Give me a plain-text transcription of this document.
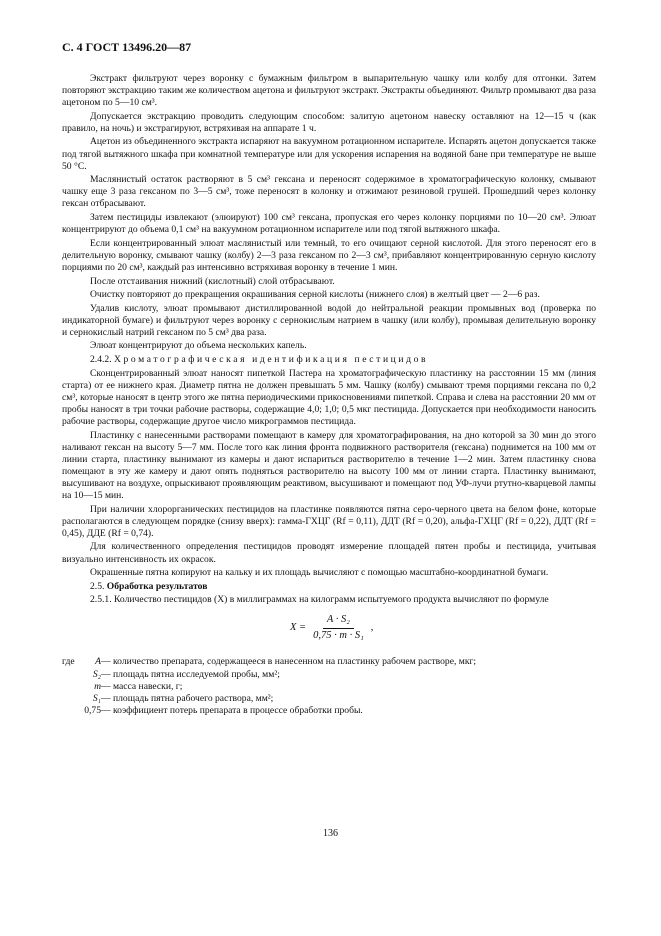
С. 4 ГОСТ 13496.20—87

Экстракт фильтруют через воронку с бумажным фильтром в выпарительную чашку или колбу для отгонки. Затем повторяют экстракцию таким же количеством ацетона и фильтруют экстракт. Экстракты объединяют. Фильтр промывают два раза ацетоном по 5—10 см³.

Допускается экстракцию проводить следующим способом: залитую ацетоном навеску оставляют на 12—15 ч (как правило, на ночь) и экстрагируют, встряхивая на аппарате 1 ч.

Ацетон из объединенного экстракта испаряют на вакуумном ротационном испарителе. Испарять ацетон допускается также под тягой вытяжного шкафа при комнатной температуре или для ускорения испарения на водяной бане при температуре не выше 50 °С.

Маслянистый остаток растворяют в 5 см³ гексана и переносят содержимое в хроматографическую колонку, смывают чашку еще 3 раза гексаном по 3—5 см³, тоже переносят в колонку и отжимают резиновой грушей. Прошедший через колонку гексан отбрасывают.

Затем пестициды извлекают (элюируют) 100 см³ гексана, пропуская его через колонку порциями по 10—20 см³. Элюат концентрируют до объема 0,1 см³ на вакуумном ротационном испарителе или под тягой вытяжного шкафа.

Если концентрированный элюат маслянистый или темный, то его очищают серной кислотой. Для этого переносят его в делительную воронку, смывают чашку (колбу) 2—3 раза гексаном по 2—3 см³, прибавляют концентрированную серную кислоту порциями по 20 см³, каждый раз интенсивно встряхивая воронку в течение 1 мин.

После отстаивания нижний (кислотный) слой отбрасывают.

Очистку повторяют до прекращения окрашивания серной кислоты (нижнего слоя) в желтый цвет — 2—6 раз.

Удалив кислоту, элюат промывают дистиллированной водой до нейтральной реакции промывных вод (проверка по индикаторной бумаге) и фильтруют через воронку с сернокислым натрием в чашку (или колбу), промывая делительную воронку и сернокислый натрий гексаном по 5 см³ два раза.

Элюат концентрируют до объема нескольких капель.

2.4.2. Хроматографическая идентификация пестицидов

Сконцентрированный элюат наносят пипеткой Пастера на хроматографическую пластинку на расстоянии 15 мм (линия старта) от ее нижнего края. Диаметр пятна не должен превышать 5 мм. Чашку (колбу) смывают тремя порциями гексана по 0,2 см³, которые наносят в центр этого же пятна периодическими прикосновениями пипеткой. Справа и слева на расстоянии 20 мм от пробы наносят в три точки рабочие растворы, содержащие 4,0; 1,0; 0,5 мкг пестицида. Допускается при необходимости наносить рабочие растворы, содержащие другое число микрограммов пестицида.

Пластинку с нанесенными растворами помещают в камеру для хроматографирования, на дно которой за 30 мин до этого наливают гексан на высоту 5—7 мм. После того как линия фронта подвижного растворителя (гексана) поднимется на 100 мм от линии старта, пластинку вынимают из камеры и дают испариться растворителю в течение 1—2 мин. Затем пластинку снова помещают в эту же камеру и дают опять подняться растворителю на высоту 100 мм от линии старта. Пластинку вынимают, высушивают на воздухе, опрыскивают проявляющим реактивом, высушивают и помещают под УФ-лучи ртутно-кварцевой лампы на 10—15 мин.

При наличии хлорорганических пестицидов на пластинке появляются пятна серо-черного цвета на белом фоне, которые располагаются в следующем порядке (снизу вверх): гамма-ГХЦГ (Rf = 0,11), ДДТ (Rf = 0,20), альфа-ГХЦГ (Rf = 0,22), ДДТ (Rf = 0,45), ДДЕ (Rf = 0,74).

Для количественного определения пестицидов проводят измерение площадей пятен пробы и пестицида, учитывая визуально интенсивность их окрасок.

Окрашенные пятна копируют на кальку и их площадь вычисляют с помощью масштабно-координатной бумаги.

2.5. Обработка результатов

2.5.1. Количество пестицидов (X) в миллиграммах на килограмм испытуемого продукта вычисляют по формуле

$X = \frac{\text{A · S₂}}{\text{0,75 · m · S₁}}$ ,
где	A	—	количество препарата, содержащееся в нанесенном на пластинку рабочем растворе, мкг;
	S₂	—	площадь пятна исследуемой пробы, мм²;
	m	—	масса навески, г;
	S₁	—	площадь пятна рабочего раствора, мм²;
	0,75	—	коэффициент потерь препарата в процессе обработки пробы.
136
